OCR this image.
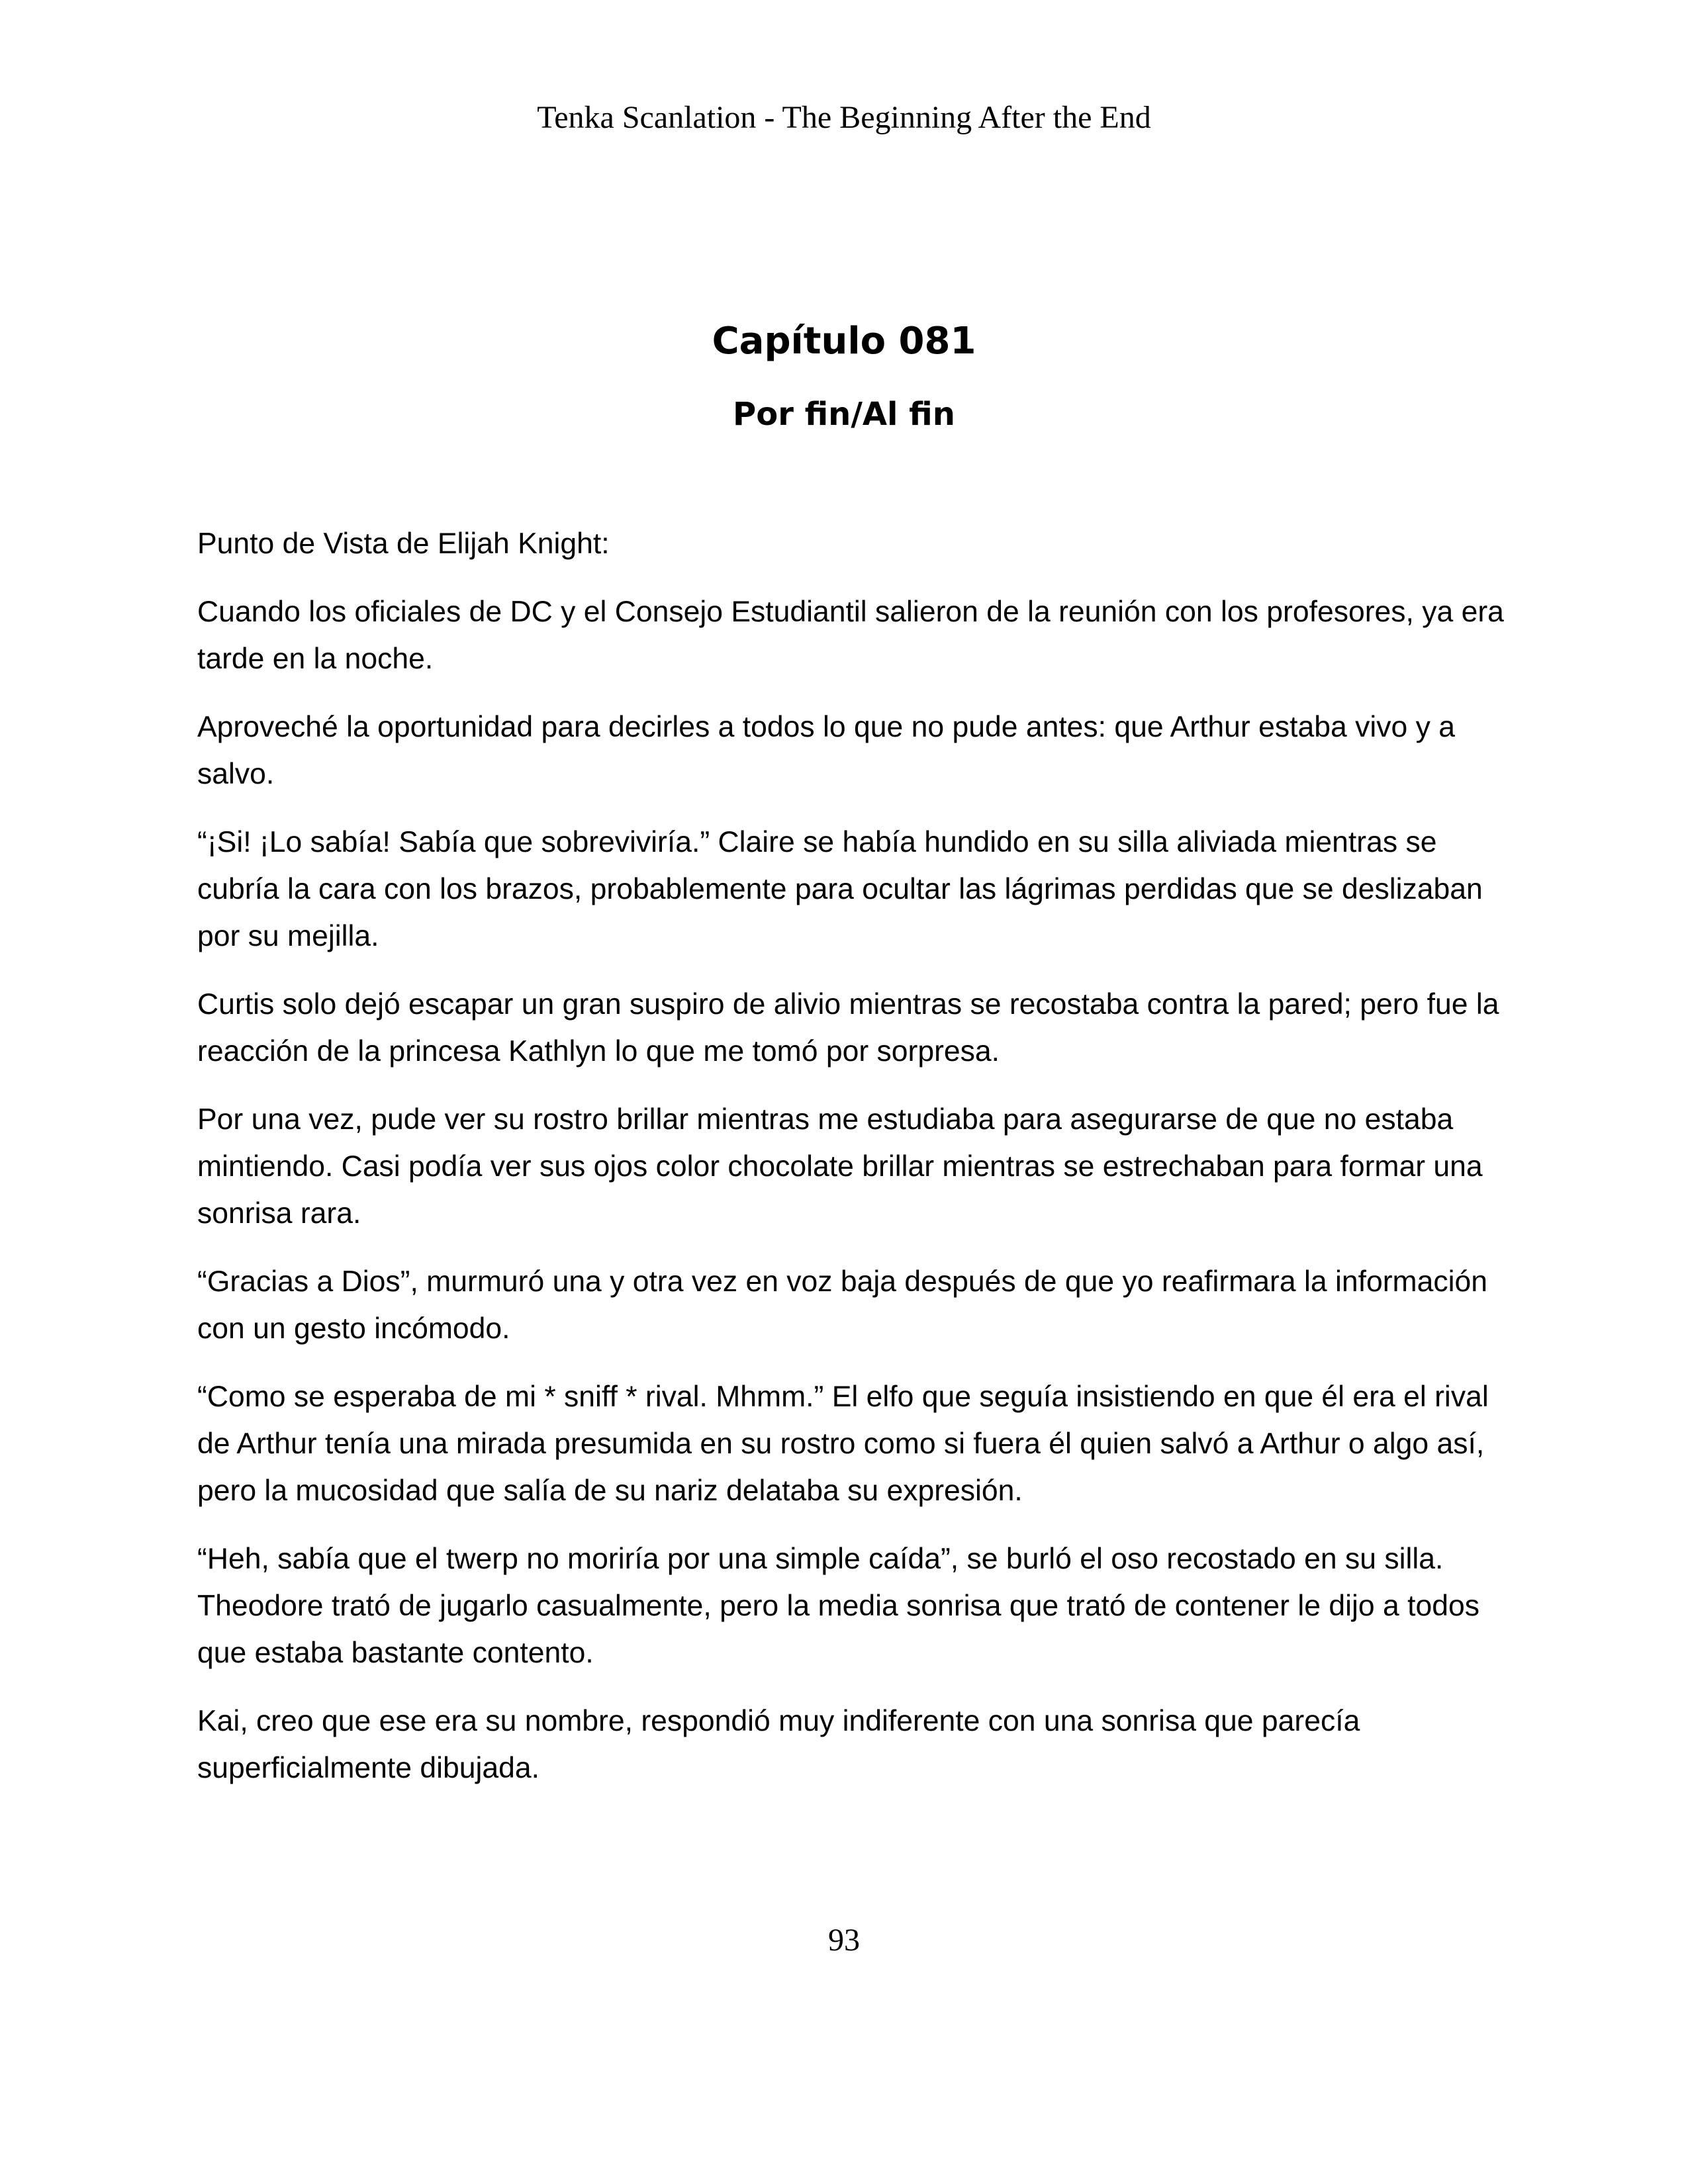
Tenka Scanlation - The Beginning After the End

Capítulo 081
Por fin/Al fin

Punto de Vista de Elijah Knight:

Cuando los oficiales de DC y el Consejo Estudiantil salieron de la reunión con los profesores, ya era tarde en la noche.

Aproveché la oportunidad para decirles a todos lo que no pude antes: que Arthur estaba vivo y a salvo.

“¡Si! ¡Lo sabía! Sabía que sobreviviría.” Claire se había hundido en su silla aliviada mientras se cubría la cara con los brazos, probablemente para ocultar las lágrimas perdidas que se deslizaban por su mejilla.

Curtis solo dejó escapar un gran suspiro de alivio mientras se recostaba contra la pared; pero fue la reacción de la princesa Kathlyn lo que me tomó por sorpresa.

Por una vez, pude ver su rostro brillar mientras me estudiaba para asegurarse de que no estaba mintiendo. Casi podía ver sus ojos color chocolate brillar mientras se estrechaban para formar una sonrisa rara.

“Gracias a Dios”, murmuró una y otra vez en voz baja después de que yo reafirmara la información con un gesto incómodo.

“Como se esperaba de mi * sniff * rival. Mhmm.” El elfo que seguía insistiendo en que él era el rival de Arthur tenía una mirada presumida en su rostro como si fuera él quien salvó a Arthur o algo así, pero la mucosidad que salía de su nariz delataba su expresión.

“Heh, sabía que el twerp no moriría por una simple caída”, se burló el oso recostado en su silla. Theodore trató de jugarlo casualmente, pero la media sonrisa que trató de contener le dijo a todos que estaba bastante contento.

Kai, creo que ese era su nombre, respondió muy indiferente con una sonrisa que parecía superficialmente dibujada.

93
